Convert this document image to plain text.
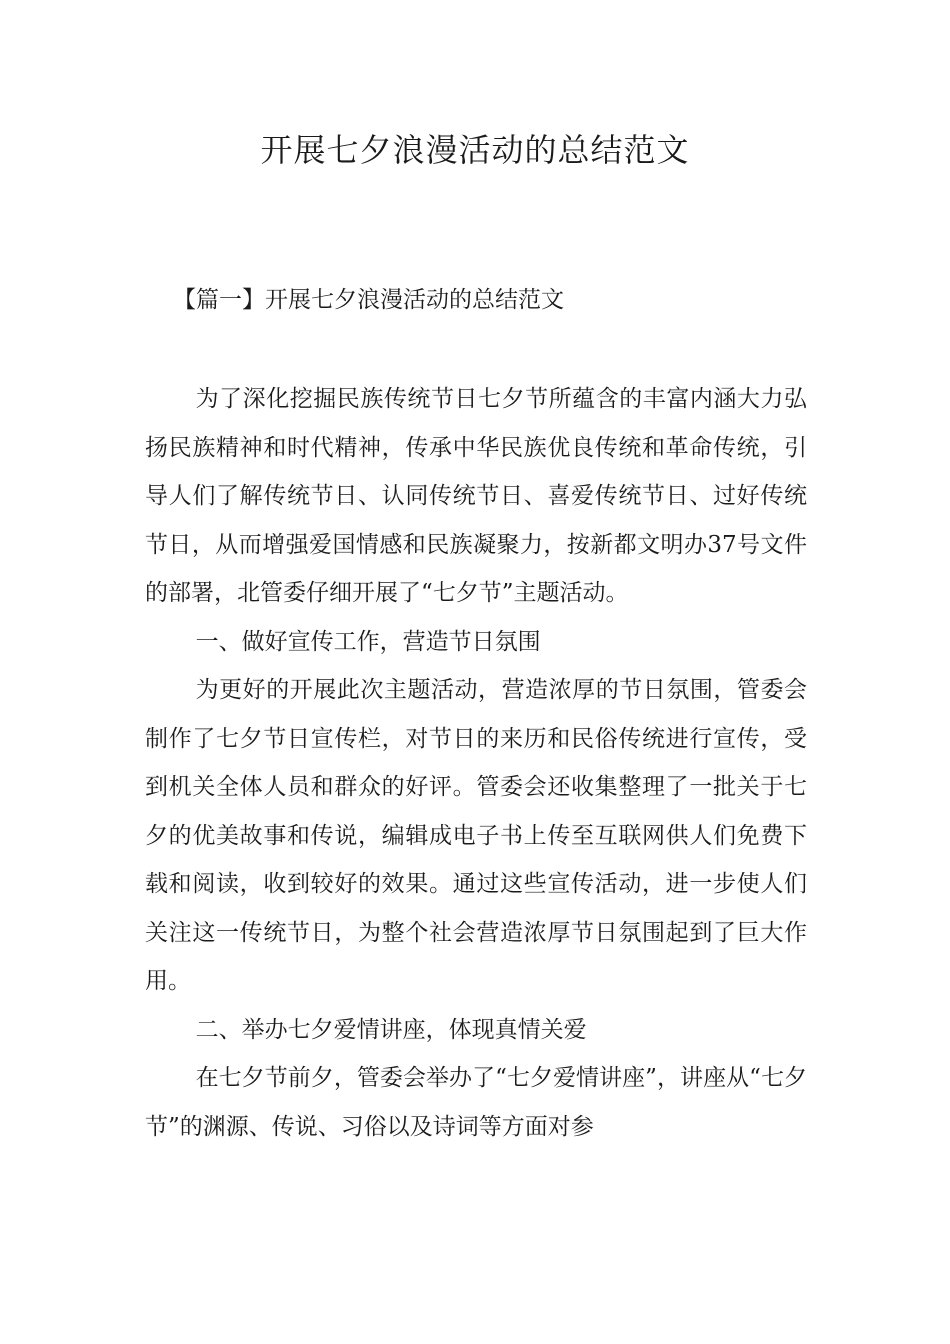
开展七夕浪漫活动的总结范文

【篇一】开展七夕浪漫活动的总结范文

为了深化挖掘民族传统节日七夕节所蕴含的丰富内涵大力弘扬民族精神和时代精神，传承中华民族优良传统和革命传统，引导人们了解传统节日、认同传统节日、喜爱传统节日、过好传统节日，从而增强爱国情感和民族凝聚力，按新都文明办37号文件的部署，北管委仔细开展了“七夕节”主题活动。

一、做好宣传工作，营造节日氛围

为更好的开展此次主题活动，营造浓厚的节日氛围，管委会制作了七夕节日宣传栏，对节日的来历和民俗传统进行宣传，受到机关全体人员和群众的好评。管委会还收集整理了一批关于七夕的优美故事和传说，编辑成电子书上传至互联网供人们免费下载和阅读，收到较好的效果。通过这些宣传活动，进一步使人们关注这一传统节日，为整个社会营造浓厚节日氛围起到了巨大作用。

二、举办七夕爱情讲座，体现真情关爱

在七夕节前夕，管委会举办了“七夕爱情讲座”，讲座从“七夕节”的渊源、传说、习俗以及诗词等方面对参
